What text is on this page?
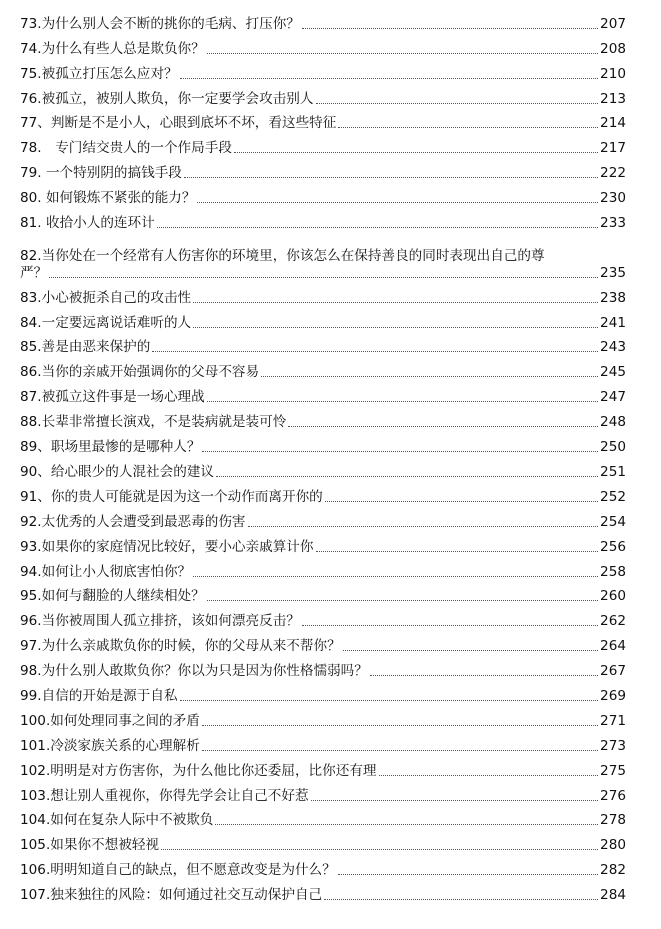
73.为什么别人会不断的挑你的毛病、打压你？	207
74.为什么有些人总是欺负你？	208
75.被孤立打压怎么应对？	210
76.被孤立，被别人欺负，你一定要学会攻击别人	213
77、判断是不是小人，心眼到底坏不坏，看这些特征	214
78.　专门结交贵人的一个作局手段	217
79. 一个特别阴的搞钱手段	222
80. 如何锻炼不紧张的能力？	230
81. 收拾小人的连环计	233
82.当你处在一个经常有人伤害你的环境里，你该怎么在保持善良的同时表现出自己的尊
严？	235
83.小心被扼杀自己的攻击性	238
84.一定要远离说话难听的人	241
85.善是由恶来保护的	243
86.当你的亲戚开始强调你的父母不容易	245
87.被孤立这件事是一场心理战	247
88.长辈非常擅长演戏，不是装病就是装可怜	248
89、职场里最惨的是哪种人？	250
90、给心眼少的人混社会的建议	251
91、你的贵人可能就是因为这一个动作而离开你的	252
92.太优秀的人会遭受到最恶毒的伤害	254
93.如果你的家庭情况比较好，要小心亲戚算计你	256
94.如何让小人彻底害怕你？	258
95.如何与翻脸的人继续相处？	260
96.当你被周围人孤立排挤，该如何漂亮反击？	262
97.为什么亲戚欺负你的时候，你的父母从来不帮你？	264
98.为什么别人敢欺负你？你以为只是因为你性格懦弱吗？	267
99.自信的开始是源于自私	269
100.如何处理同事之间的矛盾	271
101.冷淡家族关系的心理解析	273
102.明明是对方伤害你，为什么他比你还委屈，比你还有理	275
103.想让别人重视你，你得先学会让自己不好惹	276
104.如何在复杂人际中不被欺负	278
105.如果你不想被轻视	280
106.明明知道自己的缺点，但不愿意改变是为什么？	282
107.独来独往的风险：如何通过社交互动保护自己	284
